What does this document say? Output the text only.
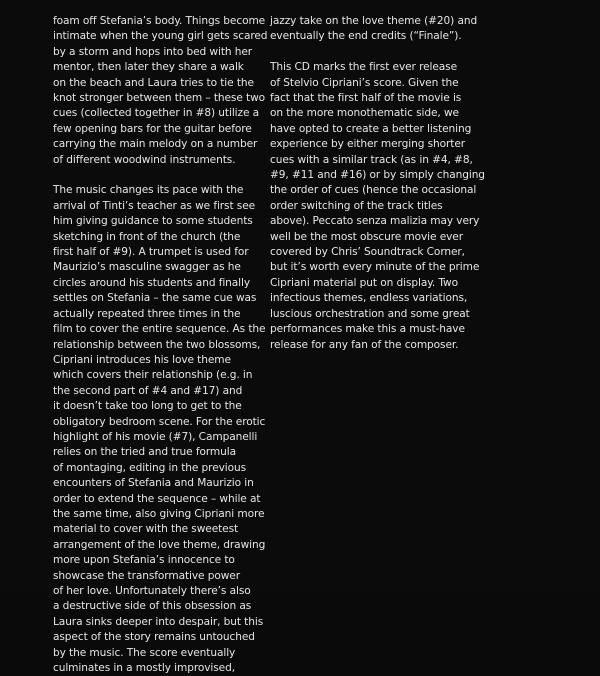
foam off Stefania’s body. Things become
intimate when the young girl gets scared
by a storm and hops into bed with her
mentor, then later they share a walk
on the beach and Laura tries to tie the
knot stronger between them – these two
cues (collected together in #8) utilize a
few opening bars for the guitar before
carrying the main melody on a number
of different woodwind instruments.
The music changes its pace with the
arrival of Tinti’s teacher as we first see
him giving guidance to some students
sketching in front of the church (the
first half of #9). A trumpet is used for
Maurizio’s masculine swagger as he
circles around his students and finally
settles on Stefania – the same cue was
actually repeated three times in the
film to cover the entire sequence. As the
relationship between the two blossoms,
Cipriani introduces his love theme
which covers their relationship (e.g. in
the second part of #4 and #17) and
it doesn’t take too long to get to the
obligatory bedroom scene. For the erotic
highlight of his movie (#7), Campanelli
relies on the tried and true formula
of montaging, editing in the previous
encounters of Stefania and Maurizio in
order to extend the sequence – while at
the same time, also giving Cipriani more
material to cover with the sweetest
arrangement of the love theme, drawing
more upon Stefania’s innocence to
showcase the transformative power
of her love. Unfortunately there’s also
a destructive side of this obsession as
Laura sinks deeper into despair, but this
aspect of the story remains untouched
by the music. The score eventually
culminates in a mostly improvised,
jazzy take on the love theme (#20) and
eventually the end credits (“Finale”).
This CD marks the first ever release
of Stelvio Cipriani’s score. Given the
fact that the first half of the movie is
on the more monothematic side, we
have opted to create a better listening
experience by either merging shorter
cues with a similar track (as in #4, #8,
#9, #11 and #16) or by simply changing
the order of cues (hence the occasional
order switching of the track titles
above). Peccato senza malizia may very
well be the most obscure movie ever
covered by Chris’ Soundtrack Corner,
but it’s worth every minute of the prime
Cipriani material put on display. Two
infectious themes, endless variations,
luscious orchestration and some great
performances make this a must-have
release for any fan of the composer.
